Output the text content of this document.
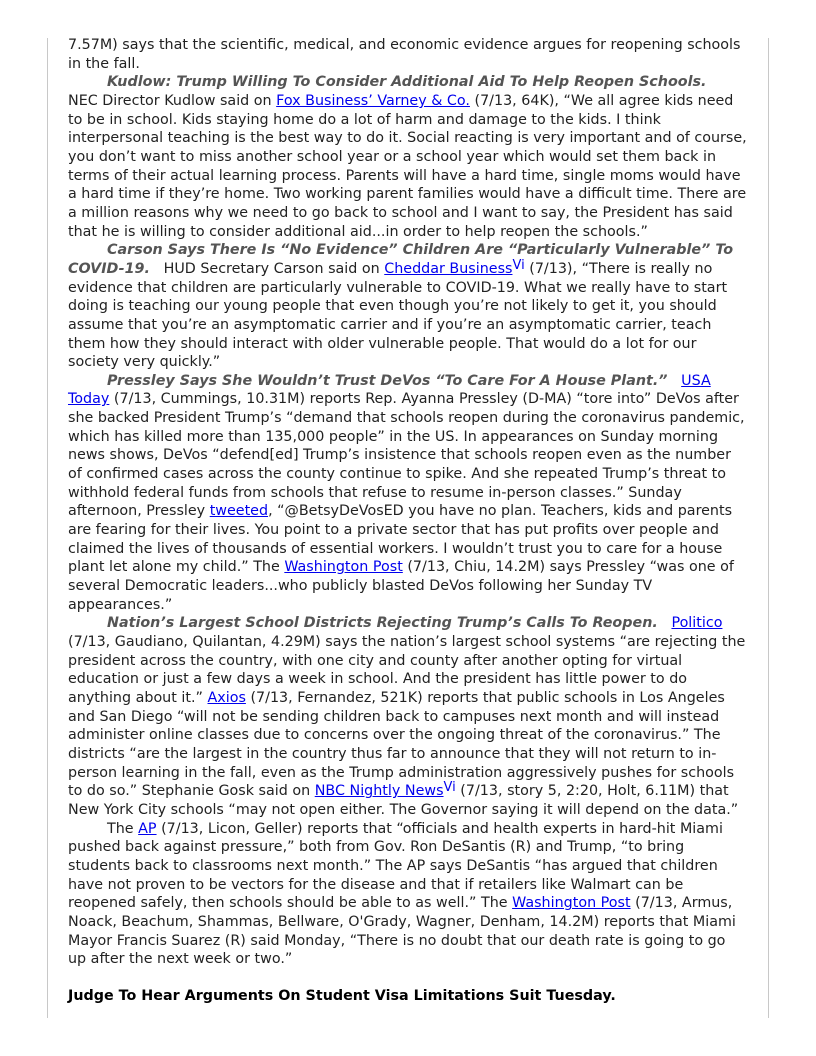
7.57M) says that the scientific, medical, and economic evidence argues for reopening schools in the fall.

Kudlow: Trump Willing To Consider Additional Aid To Help Reopen Schools.   NEC Director Kudlow said on Fox Business’ Varney & Co. (7/13, 64K), “We all agree kids need to be in school. Kids staying home do a lot of harm and damage to the kids. I think interpersonal teaching is the best way to do it. Social reacting is very important and of course, you don’t want to miss another school year or a school year which would set them back in terms of their actual learning process. Parents will have a hard time, single moms would have a hard time if they’re home. Two working parent families would have a difficult time. There are a million reasons why we need to go back to school and I want to say, the President has said that he is willing to consider additional aid...in order to help reopen the schools.”

Carson Says There Is “No Evidence” Children Are “Particularly Vulnerable” To COVID-19. HUD Secretary Carson said on Cheddar Business$^{Vi}$ (7/13), “There is really no evidence that children are particularly vulnerable to COVID-19. What we really have to start doing is teaching our young people that even though you’re not likely to get it, you should assume that you’re an asymptomatic carrier and if you’re an asymptomatic carrier, teach them how they should interact with older vulnerable people. That would do a lot for our society very quickly.”

Pressley Says She Wouldn’t Trust DeVos “To Care For A House Plant.” USA Today (7/13, Cummings, 10.31M) reports Rep. Ayanna Pressley (D-MA) “tore into” DeVos after she backed President Trump’s “demand that schools reopen during the coronavirus pandemic, which has killed more than 135,000 people” in the US. In appearances on Sunday morning news shows, DeVos “defend[ed] Trump’s insistence that schools reopen even as the number of confirmed cases across the county continue to spike. And she repeated Trump’s threat to withhold federal funds from schools that refuse to resume in-person classes.” Sunday afternoon, Pressley tweeted, “@BetsyDeVosED you have no plan. Teachers, kids and parents are fearing for their lives. You point to a private sector that has put profits over people and claimed the lives of thousands of essential workers. I wouldn’t trust you to care for a house plant let alone my child.” The Washington Post (7/13, Chiu, 14.2M) says Pressley “was one of several Democratic leaders...who publicly blasted DeVos following her Sunday TV appearances.”

Nation’s Largest School Districts Rejecting Trump’s Calls To Reopen. Politico (7/13, Gaudiano, Quilantan, 4.29M) says the nation’s largest school systems “are rejecting the president across the country, with one city and county after another opting for virtual education or just a few days a week in school. And the president has little power to do anything about it.” Axios (7/13, Fernandez, 521K) reports that public schools in Los Angeles and San Diego “will not be sending children back to campuses next month and will instead administer online classes due to concerns over the ongoing threat of the coronavirus.” The districts “are the largest in the country thus far to announce that they will not return to in-person learning in the fall, even as the Trump administration aggressively pushes for schools to do so.” Stephanie Gosk said on NBC Nightly News$^{Vi}$ (7/13, story 5, 2:20, Holt, 6.11M) that New York City schools “may not open either. The Governor saying it will depend on the data.”

The AP (7/13, Licon, Geller) reports that “officials and health experts in hard-hit Miami pushed back against pressure,” both from Gov. Ron DeSantis (R) and Trump, “to bring students back to classrooms next month.” The AP says DeSantis “has argued that children have not proven to be vectors for the disease and that if retailers like Walmart can be reopened safely, then schools should be able to as well.” The Washington Post (7/13, Armus, Noack, Beachum, Shammas, Bellware, O'Grady, Wagner, Denham, 14.2M) reports that Miami Mayor Francis Suarez (R) said Monday, “There is no doubt that our death rate is going to go up after the next week or two.”

Judge To Hear Arguments On Student Visa Limitations Suit Tuesday.
